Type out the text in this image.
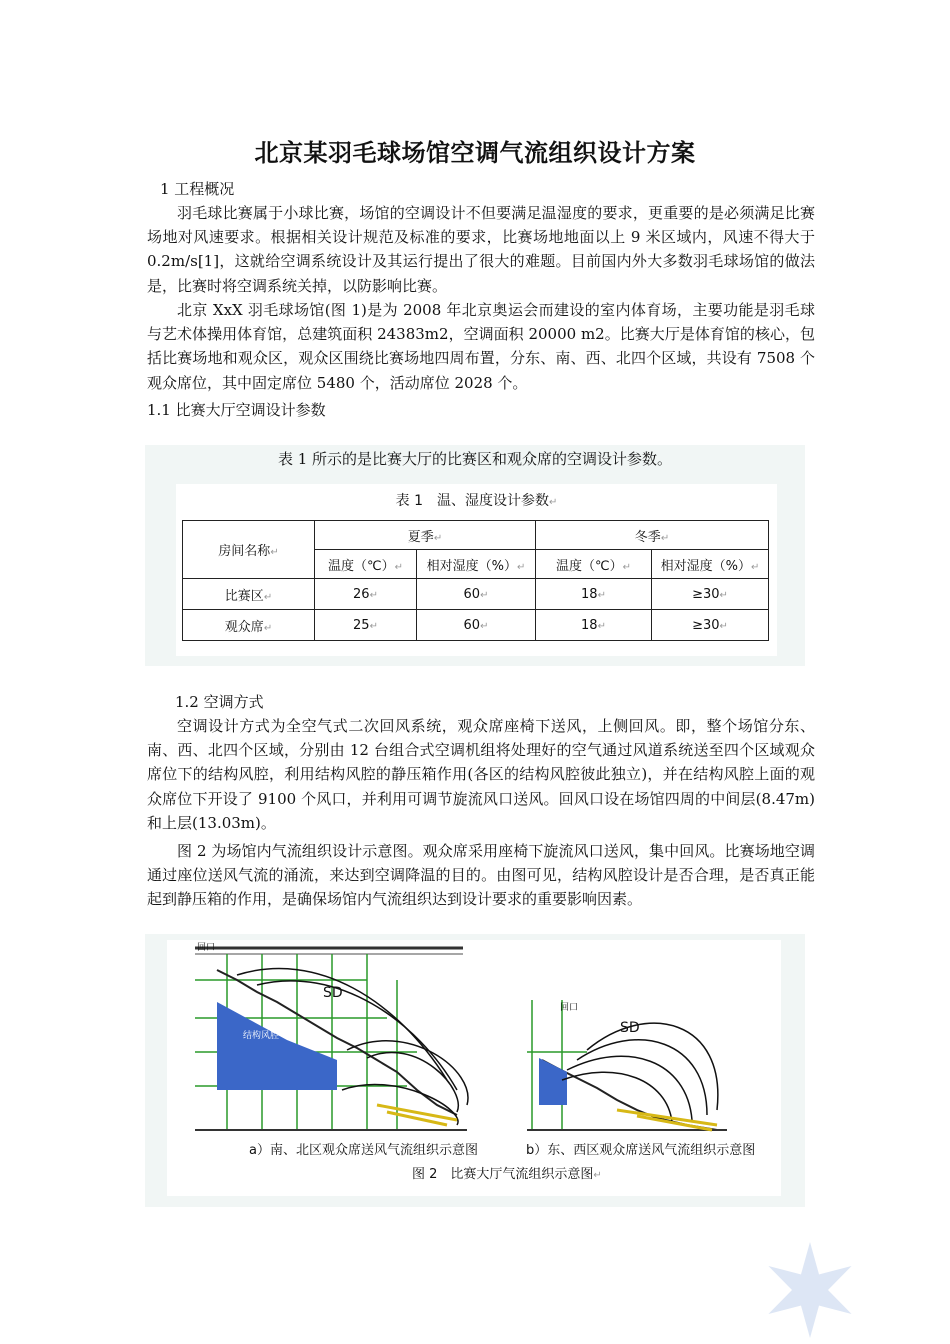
北京某羽毛球场馆空调气流组织设计方案
1 工程概况
羽毛球比赛属于小球比赛，场馆的空调设计不但要满足温湿度的要求，更重要的是必须满足比赛场地对风速要求。根据相关设计规范及标准的要求，比赛场地地面以上 9 米区域内，风速不得大于 0.2m/s[1]，这就给空调系统设计及其运行提出了很大的难题。目前国内外大多数羽毛球场馆的做法是，比赛时将空调系统关掉，以防影响比赛。
北京 XxX 羽毛球场馆(图 1)是为 2008 年北京奥运会而建设的室内体育场，主要功能是羽毛球与艺术体操用体育馆，总建筑面积 24383m2，空调面积 20000 m2。比赛大厅是体育馆的核心，包括比赛场地和观众区，观众区围绕比赛场地四周布置，分东、南、西、北四个区域，共设有 7508 个观众席位，其中固定席位 5480 个，活动席位 2028 个。
1.1 比赛大厅空调设计参数
表 1 所示的是比赛大厅的比赛区和观众席的空调设计参数。
表 1　温、湿度设计参数↵
房间名称↵	夏季↵		冬季↵	
	温度（℃）↵	相对湿度（%）↵	温度（℃）↵	相对湿度（%）↵
比赛区↵	26↵	60↵	18↵	≥30↵
观众席↵	25↵	60↵	18↵	≥30↵
1.2 空调方式
空调设计方式为全空气式二次回风系统，观众席座椅下送风，上侧回风。即，整个场馆分东、南、西、北四个区域，分别由 12 台组合式空调机组将处理好的空气通过风道系统送至四个区域观众席位下的结构风腔，利用结构风腔的静压箱作用(各区的结构风腔彼此独立)，并在结构风腔上面的观众席位下开设了 9100 个风口，并利用可调节旋流风口送风。回风口设在场馆四周的中间层(8.47m)和上层(13.03m)。
图 2 为场馆内气流组织设计示意图。观众席采用座椅下旋流风口送风，集中回风。比赛场地空调通过座位送风气流的涌流，来达到空调降温的目的。由图可见，结构风腔设计是否合理，是否真正能起到静压箱的作用，是确保场馆内气流组织达到设计要求的重要影响因素。
回口
SD
结构风腔
回口
SD
a）南、北区观众席送风气流组织示意图	b）东、西区观众席送风气流组织示意图
图 2　比赛大厅气流组织示意图↵
